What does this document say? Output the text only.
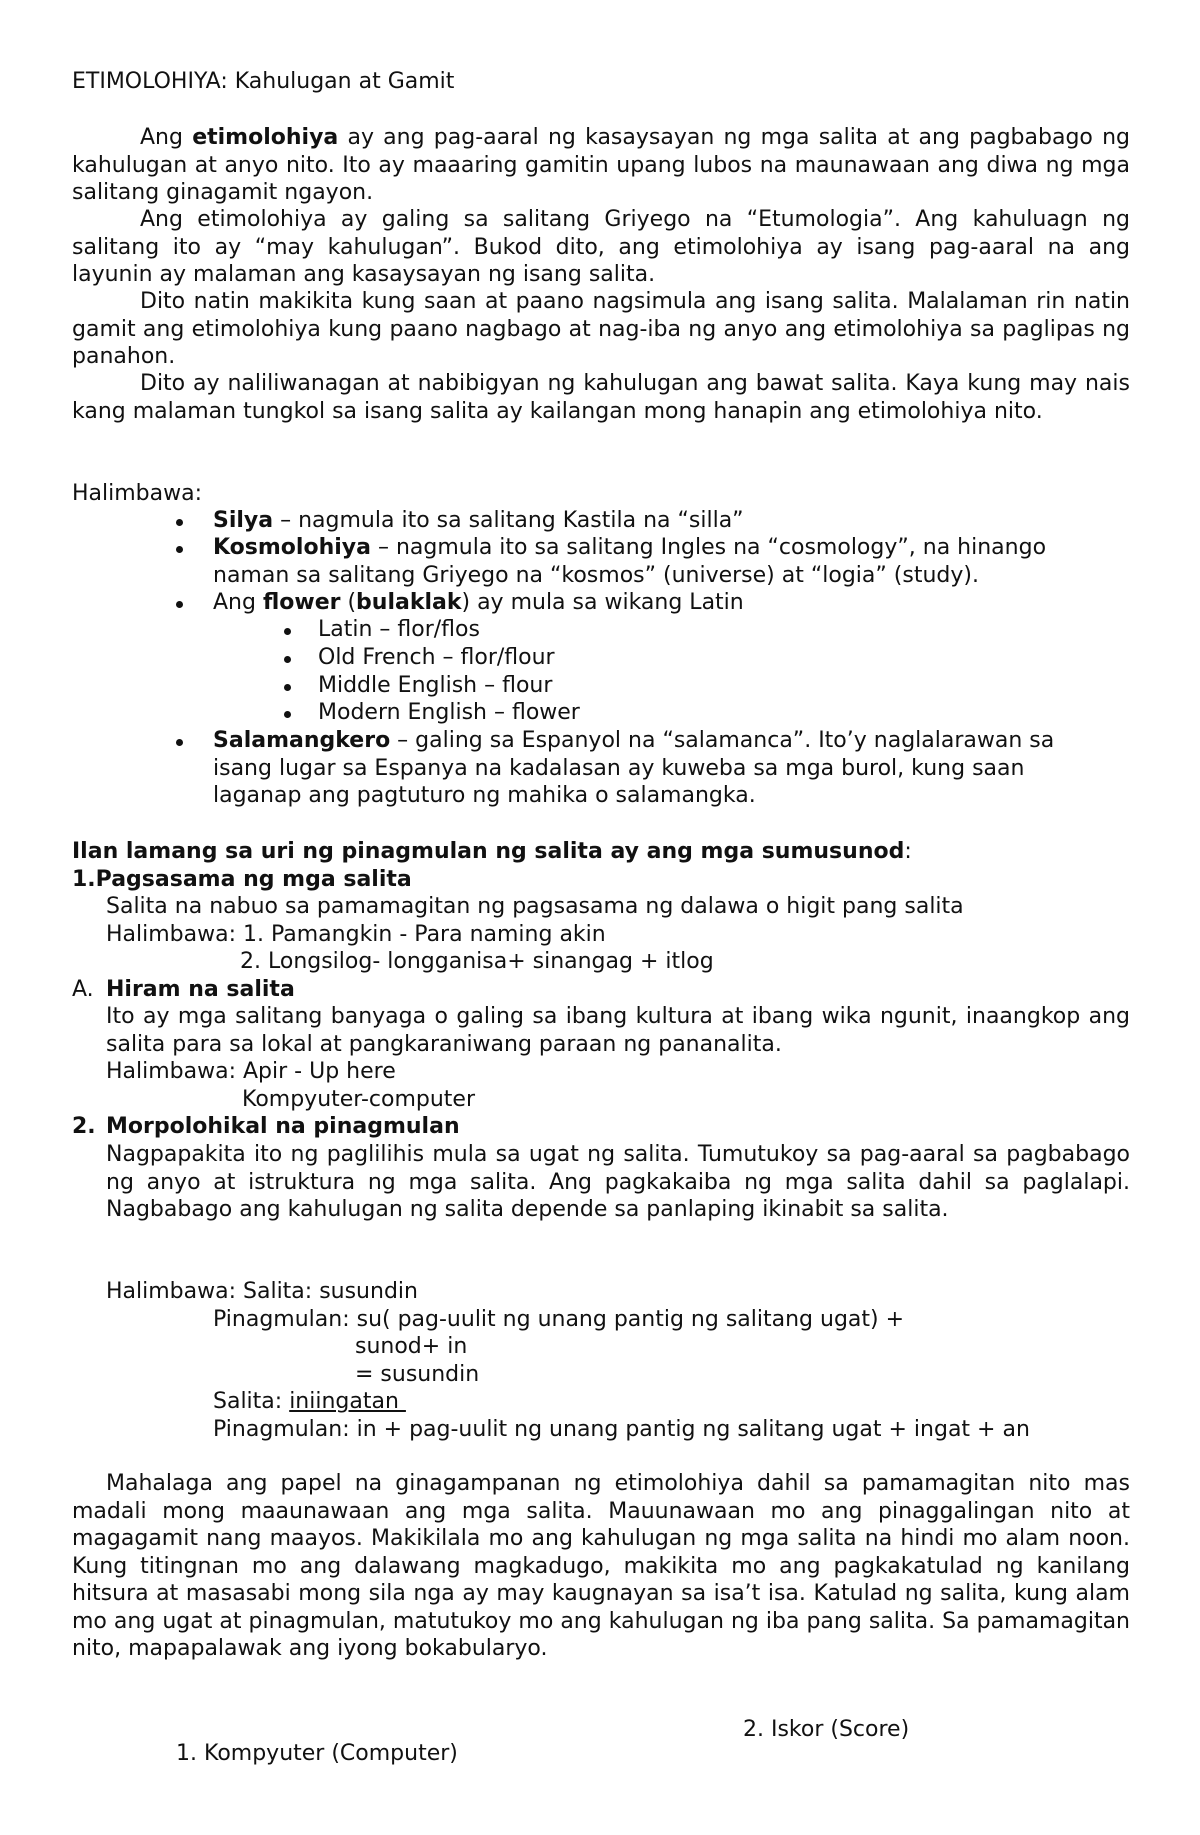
ETIMOLOHIYA: Kahulugan at Gamit

Ang etimolohiya ay ang pag-aaral ng kasaysayan ng mga salita at ang pagbabago ng kahulugan at anyo nito. Ito ay maaaring gamitin upang lubos na maunawaan ang diwa ng mga salitang ginagamit ngayon.

Ang etimolohiya ay galing sa salitang Griyego na “Etumologia”. Ang kahuluagn ng salitang ito ay “may kahulugan”. Bukod dito, ang etimolohiya ay isang pag-aaral na ang layunin ay malaman ang kasaysayan ng isang salita.

Dito natin makikita kung saan at paano nagsimula ang isang salita. Malalaman rin natin gamit ang etimolohiya kung paano nagbago at nag-iba ng anyo ang etimolohiya sa paglipas ng panahon.

Dito ay naliliwanagan at nabibigyan ng kahulugan ang bawat salita. Kaya kung may nais kang malaman tungkol sa isang salita ay kailangan mong hanapin ang etimolohiya nito.

Halimbawa:
Silya – nagmula ito sa salitang Kastila na “silla”
Kosmolohiya – nagmula ito sa salitang Ingles na “cosmology”, na hinango
naman sa salitang Griyego na “kosmos” (universe) at “logia” (study).
Ang flower (bulaklak) ay mula sa wikang Latin
Latin – flor/flos
Old French – flor/flour
Middle English – flour
Modern English – flower
Salamangkero – galing sa Espanyol na “salamanca”. Ito’y naglalarawan sa
isang lugar sa Espanya na kadalasan ay kuweba sa mga burol, kung saan
laganap ang pagtuturo ng mahika o salamangka.
Ilan lamang sa uri ng pinagmulan ng salita ay ang mga sumusunod:
1.Pagsasama ng mga salita
Salita na nabuo sa pamamagitan ng pagsasama ng dalawa o higit pang salita
Halimbawa: 1. Pamangkin - Para naming akin
2. Longsilog- longganisa+ sinangag + itlog
A. Hiram na salita

Ito ay mga salitang banyaga o galing sa ibang kultura at ibang wika ngunit, inaangkop ang salita para sa lokal at pangkaraniwang paraan ng pananalita.

Halimbawa: Apir - Up here
Kompyuter-computer
2. Morpolohikal na pinagmulan

Nagpapakita ito ng paglilihis mula sa ugat ng salita. Tumutukoy sa pag-aaral sa pagbabago ng anyo at istruktura ng mga salita. Ang pagkakaiba ng mga salita dahil sa paglalapi. Nagbabago ang kahulugan ng salita depende sa panlaping ikinabit sa salita.

Halimbawa: Salita: susundin
Pinagmulan: su( pag-uulit ng unang pantig ng salitang ugat) +
sunod+ in
= susundin
Salita: iniingatan
Pinagmulan: in + pag-uulit ng unang pantig ng salitang ugat + ingat + an

Mahalaga ang papel na ginagampanan ng etimolohiya dahil sa pamamagitan nito mas madali mong maaunawaan ang mga salita. Mauunawaan mo ang pinaggalingan nito at magagamit nang maayos. Makikilala mo ang kahulugan ng mga salita na hindi mo alam noon. Kung titingnan mo ang dalawang magkadugo, makikita mo ang pagkakatulad ng kanilang hitsura at masasabi mong sila nga ay may kaugnayan sa isa’t isa. Katulad ng salita, kung alam mo ang ugat at pinagmulan, matutukoy mo ang kahulugan ng iba pang salita. Sa pamamagitan nito, mapapalawak ang iyong bokabularyo.

2. Iskor (Score)
1. Kompyuter (Computer)
